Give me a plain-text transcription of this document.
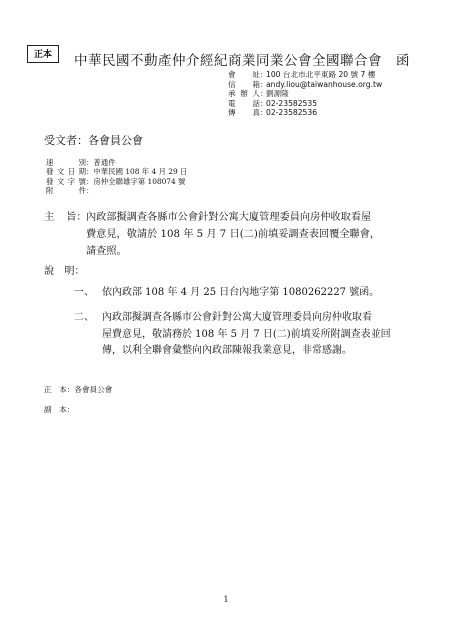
正本	中華民國不動產仲介經紀商業同業公會全國聯合會　函
會址 ：
100 台北市北平東路 20 號 7 樓
信箱 ：
andy.liou@taiwanhouse.org.tw
承辦人 ：
劉源隆
電話 ：
02-23582535
傳真 ：
02-23582536
受文者：各會員公會
速別 ： 普通件
發文日期 ： 中華民國 108 年 4 月 29 日
發文字號 ： 房仲全聯雄字第 108074 號
附件 ：
主 旨： 內政部擬調查各縣市公會針對公寓大廈管理委員向房仲收取看屋
費意見，敬請於 108 年 5 月 7 日(二)前填妥調查表回覆全聯會，
請查照。
說　明：
一、 依內政部 108 年 4 月 25 日台內地字第 1080262227 號函。
二、 內政部擬調查各縣市公會針對公寓大廈管理委員向房仲收取看
屋費意見，敬請務於 108 年 5 月 7 日(二)前填妥所附調查表並回
傳，以利全聯會彙整向內政部陳報我業意見，非常感謝。
正　本：各會員公會
副　本：
1
